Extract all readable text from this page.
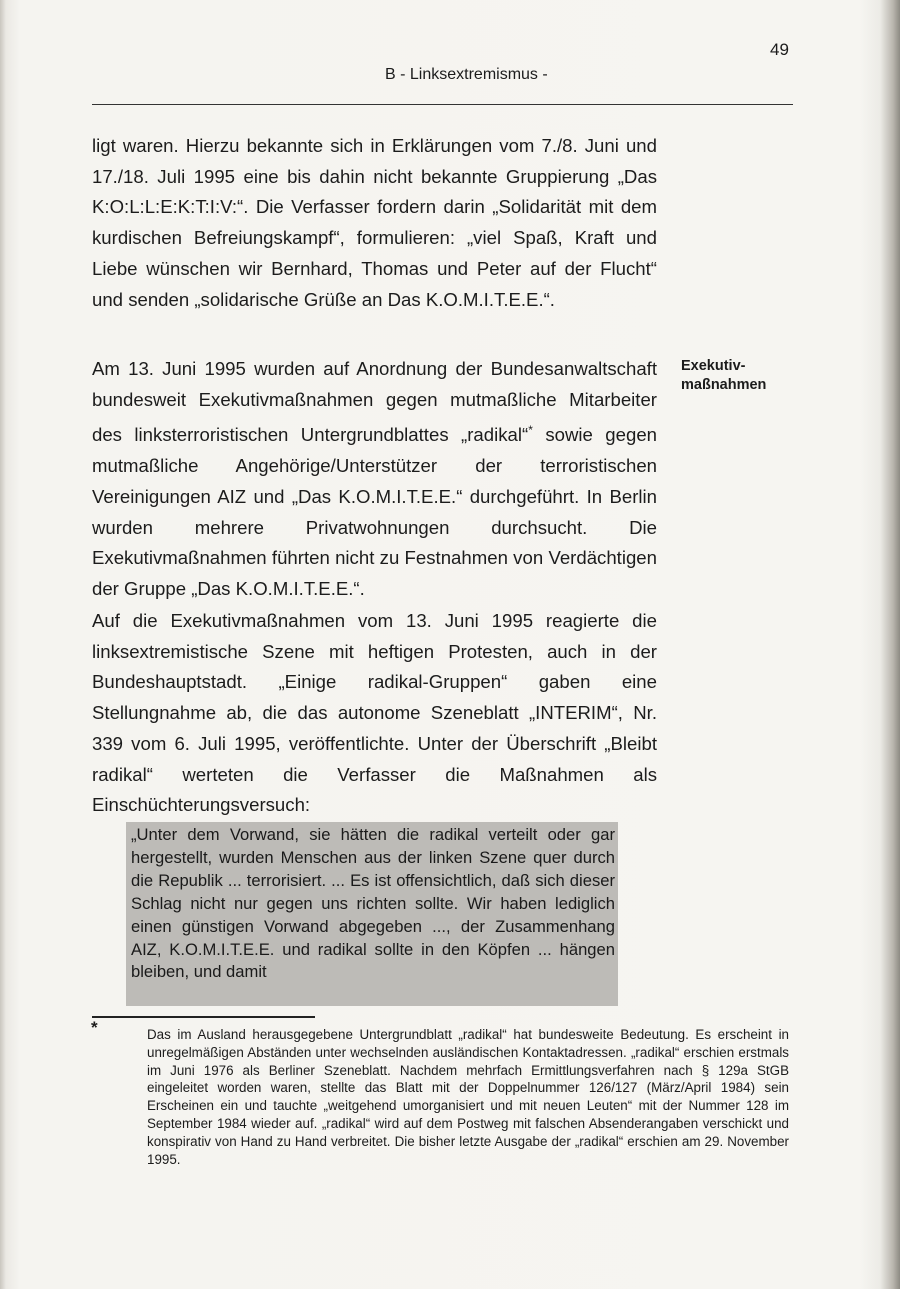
49
B - Linksextremismus -

ligt waren. Hierzu bekannte sich in Erklärungen vom 7./8. Juni und 17./18. Juli 1995 eine bis dahin nicht bekannte Gruppierung „Das K:O:L:L:E:K:T:I:V:“. Die Verfasser fordern darin „Solidarität mit dem kurdischen Befreiungskampf“, formulieren: „viel Spaß, Kraft und Liebe wünschen wir Bernhard, Thomas und Peter auf der Flucht“ und senden „solidarische Grüße an Das K.O.M.I.T.E.E.“.

Am 13. Juni 1995 wurden auf Anordnung der Bundesanwaltschaft bundesweit Exekutivmaßnahmen gegen mutmaßliche Mitarbeiter des linksterroristischen Untergrundblattes „radikal“* sowie gegen mutmaßliche Angehörige/Unterstützer der terroristischen Vereinigungen AIZ und „Das K.O.M.I.T.E.E.“ durchgeführt. In Berlin wurden mehrere Privatwohnungen durchsucht. Die Exekutivmaßnahmen führten nicht zu Festnahmen von Verdächtigen der Gruppe „Das K.O.M.I.T.E.E.“.

Exekutiv-
maßnahmen

Auf die Exekutivmaßnahmen vom 13. Juni 1995 reagierte die linksextremistische Szene mit heftigen Protesten, auch in der Bundeshauptstadt. „Einige radikal-Gruppen“ gaben eine Stellungnahme ab, die das autonome Szeneblatt „INTERIM“, Nr. 339 vom 6. Juli 1995, veröffentlichte. Unter der Überschrift „Bleibt radikal“ werteten die Verfasser die Maßnahmen als Einschüchterungsversuch:

„Unter dem Vorwand, sie hätten die radikal verteilt oder gar hergestellt, wurden Menschen aus der linken Szene quer durch die Republik ... terrorisiert. ... Es ist offensichtlich, daß sich dieser Schlag nicht nur gegen uns richten sollte. Wir haben lediglich einen günstigen Vorwand abgegeben ..., der Zusammenhang AIZ, K.O.M.I.T.E.E. und radikal sollte in den Köpfen ... hängen bleiben, und damit

*	Das im Ausland herausgegebene Untergrundblatt „radikal“ hat bundesweite Bedeutung. Es erscheint in unregelmäßigen Abständen unter wechselnden ausländischen Kontaktadressen. „radikal“ erschien erstmals im Juni 1976 als Berliner Szeneblatt. Nachdem mehrfach Ermittlungsverfahren nach § 129a StGB eingeleitet worden waren, stellte das Blatt mit der Doppelnummer 126/127 (März/April 1984) sein Erscheinen ein und tauchte „weitgehend umorganisiert und mit neuen Leuten“ mit der Nummer 128 im September 1984 wieder auf. „radikal“ wird auf dem Postweg mit falschen Absenderangaben verschickt und konspirativ von Hand zu Hand verbreitet. Die bisher letzte Ausgabe der „radikal“ erschien am 29. November 1995.
